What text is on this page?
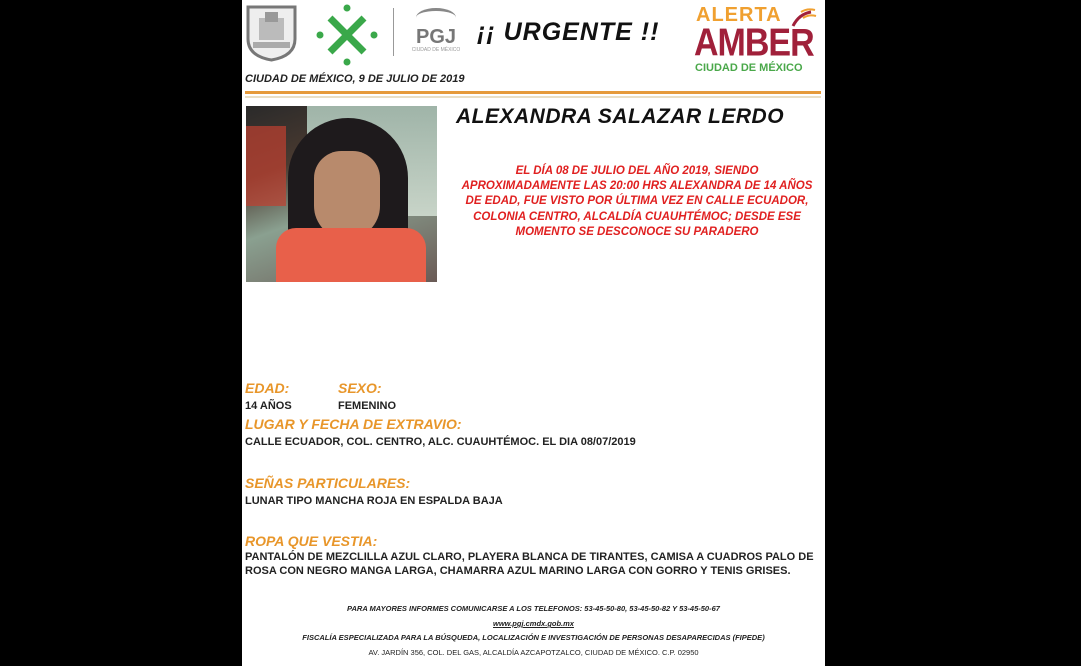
PGJ
CIUDAD DE MÉXICO
¡¡ URGENTE !!
ALERTA
AMBER
CIUDAD DE MÉXICO
CIUDAD DE MÉXICO, 9 DE JULIO DE 2019
ALEXANDRA SALAZAR LERDO
EL DÍA 08 DE JULIO DEL AÑO 2019, SIENDO APROXIMADAMENTE LAS 20:00 HRS ALEXANDRA DE 14 AÑOS DE EDAD, FUE VISTO POR ÚLTIMA VEZ EN CALLE ECUADOR, COLONIA CENTRO, ALCALDÍA CUAUHTÉMOC; DESDE ESE MOMENTO SE DESCONOCE SU PARADERO
EDAD:	SEXO:
14 AÑOS	FEMENINO
LUGAR Y FECHA DE EXTRAVIO:
CALLE ECUADOR, COL. CENTRO, ALC. CUAUHTÉMOC. EL DIA 08/07/2019
SEÑAS PARTICULARES:
LUNAR TIPO MANCHA ROJA EN ESPALDA BAJA
ROPA QUE VESTIA:
PANTALÓN DE MEZCLILLA AZUL CLARO, PLAYERA BLANCA DE TIRANTES, CAMISA A CUADROS PALO DE ROSA CON NEGRO MANGA LARGA, CHAMARRA AZUL MARINO LARGA CON GORRO Y TENIS GRISES.
PARA MAYORES INFORMES COMUNICARSE A LOS TELEFONOS: 53-45-50-80, 53-45-50-82 Y 53-45-50-67
www.pgj.cmdx.gob.mx
FISCALÍA ESPECIALIZADA PARA LA BÚSQUEDA, LOCALIZACIÓN E INVESTIGACIÓN DE PERSONAS DESAPARECIDAS (FIPEDE)
AV. JARDÍN 356, COL. DEL GAS, ALCALDÍA AZCAPOTZALCO, CIUDAD DE MÉXICO. C.P. 02950
